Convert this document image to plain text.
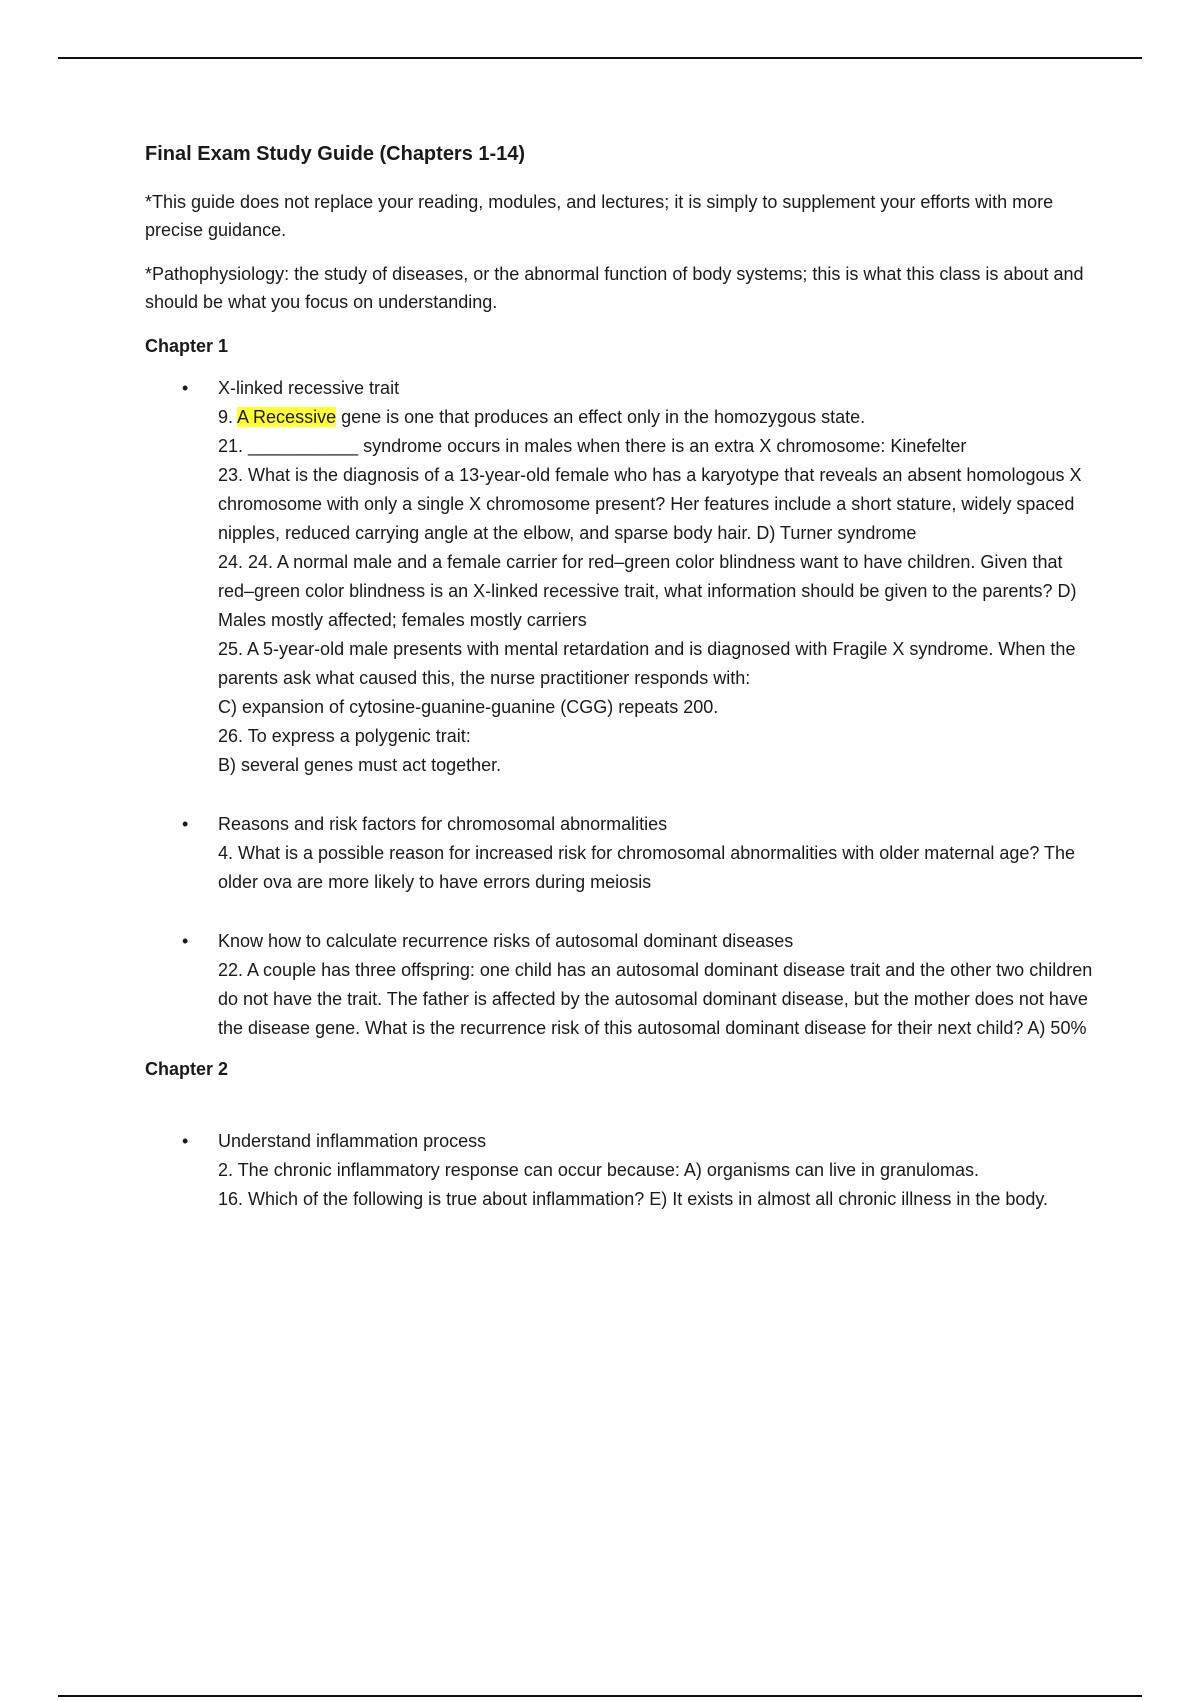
Final Exam Study Guide (Chapters 1-14)

*This guide does not replace your reading, modules, and lectures; it is simply to supplement your efforts with more precise guidance.

*Pathophysiology: the study of diseases, or the abnormal function of body systems; this is what this class is about and should be what you focus on understanding.

Chapter 1
• X-linked recessive trait
9. A Recessive gene is one that produces an effect only in the homozygous state.
21. ___________ syndrome occurs in males when there is an extra X chromosome: Kinefelter
23. What is the diagnosis of a 13-year-old female who has a karyotype that reveals an absent homologous X chromosome with only a single X chromosome present? Her features include a short stature, widely spaced nipples, reduced carrying angle at the elbow, and sparse body hair. D) Turner syndrome
24. 24. A normal male and a female carrier for red–green color blindness want to have children. Given that red–green color blindness is an X-linked recessive trait, what information should be given to the parents? D) Males mostly affected; females mostly carriers
25. A 5-year-old male presents with mental retardation and is diagnosed with Fragile X syndrome. When the parents ask what caused this, the nurse practitioner responds with:
C) expansion of cytosine-guanine-guanine (CGG) repeats 200.
26. To express a polygenic trait:
B) several genes must act together.
• Reasons and risk factors for chromosomal abnormalities
4. What is a possible reason for increased risk for chromosomal abnormalities with older maternal age? The older ova are more likely to have errors during meiosis
• Know how to calculate recurrence risks of autosomal dominant diseases
22. A couple has three offspring: one child has an autosomal dominant disease trait and the other two children do not have the trait. The father is affected by the autosomal dominant disease, but the mother does not have the disease gene. What is the recurrence risk of this autosomal dominant disease for their next child? A) 50%
Chapter 2
• Understand inflammation process
2. The chronic inflammatory response can occur because: A) organisms can live in granulomas.
16. Which of the following is true about inflammation? E) It exists in almost all chronic illness in the body.
